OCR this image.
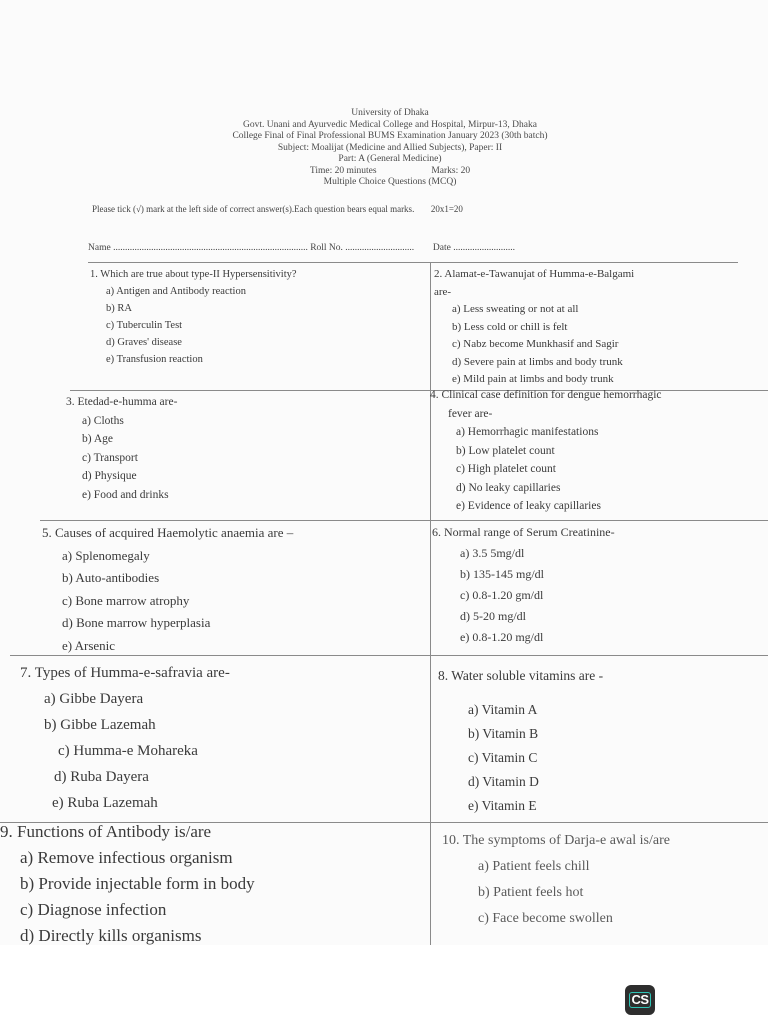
University of Dhaka
Govt. Unani and Ayurvedic Medical College and Hospital, Mirpur-13, Dhaka
College Final of Final Professional BUMS Examination January 2023 (30th batch)
Subject: Moalijat (Medicine and Allied Subjects), Paper: II
Part: A (General Medicine)
Time: 20 minutes	Marks: 20
Multiple Choice Questions (MCQ)
Please tick (√) mark at the left side of correct answer(s).Each question bears equal marks. 20x1=20
Name .................................................................................. Roll No. ............................. Date ..........................
1. Which are true about type-II Hypersensitivity?
a) Antigen and Antibody reaction
b) RA
c) Tuberculin Test
d) Graves' disease
e) Transfusion reaction
2. Alamat-e-Tawanujat of Humma-e-Balgami
are-
a) Less sweating or not at all
b) Less cold or chill is felt
c) Nabz become Munkhasif and Sagir
d) Severe pain at limbs and body trunk
e) Mild pain at limbs and body trunk
3. Etedad-e-humma are-
a) Cloths
b) Age
c) Transport
d) Physique
e) Food and drinks
4. Clinical case definition for dengue hemorrhagic
fever are-
a) Hemorrhagic manifestations
b) Low platelet count
c) High platelet count
d) No leaky capillaries
e) Evidence of leaky capillaries
5. Causes of acquired Haemolytic anaemia are –
a) Splenomegaly
b) Auto-antibodies
c) Bone marrow atrophy
d) Bone marrow hyperplasia
e) Arsenic
6. Normal range of Serum Creatinine-
a) 3.5 5mg/dl
b) 135-145 mg/dl
c) 0.8-1.20 gm/dl
d) 5-20 mg/dl
e) 0.8-1.20 mg/dl
7. Types of Humma-e-safravia are-
a) Gibbe Dayera
b) Gibbe Lazemah
c) Humma-e Mohareka
d) Ruba Dayera
e) Ruba Lazemah
8. Water soluble vitamins are -
a) Vitamin A
b) Vitamin B
c) Vitamin C
d) Vitamin D
e) Vitamin E
9. Functions of Antibody is/are
a) Remove infectious organism
b) Provide injectable form in body
c) Diagnose infection
d) Directly kills organisms
10. The symptoms of Darja-e awal is/are
a) Patient feels chill
b) Patient feels hot
c) Face become swollen
CS
